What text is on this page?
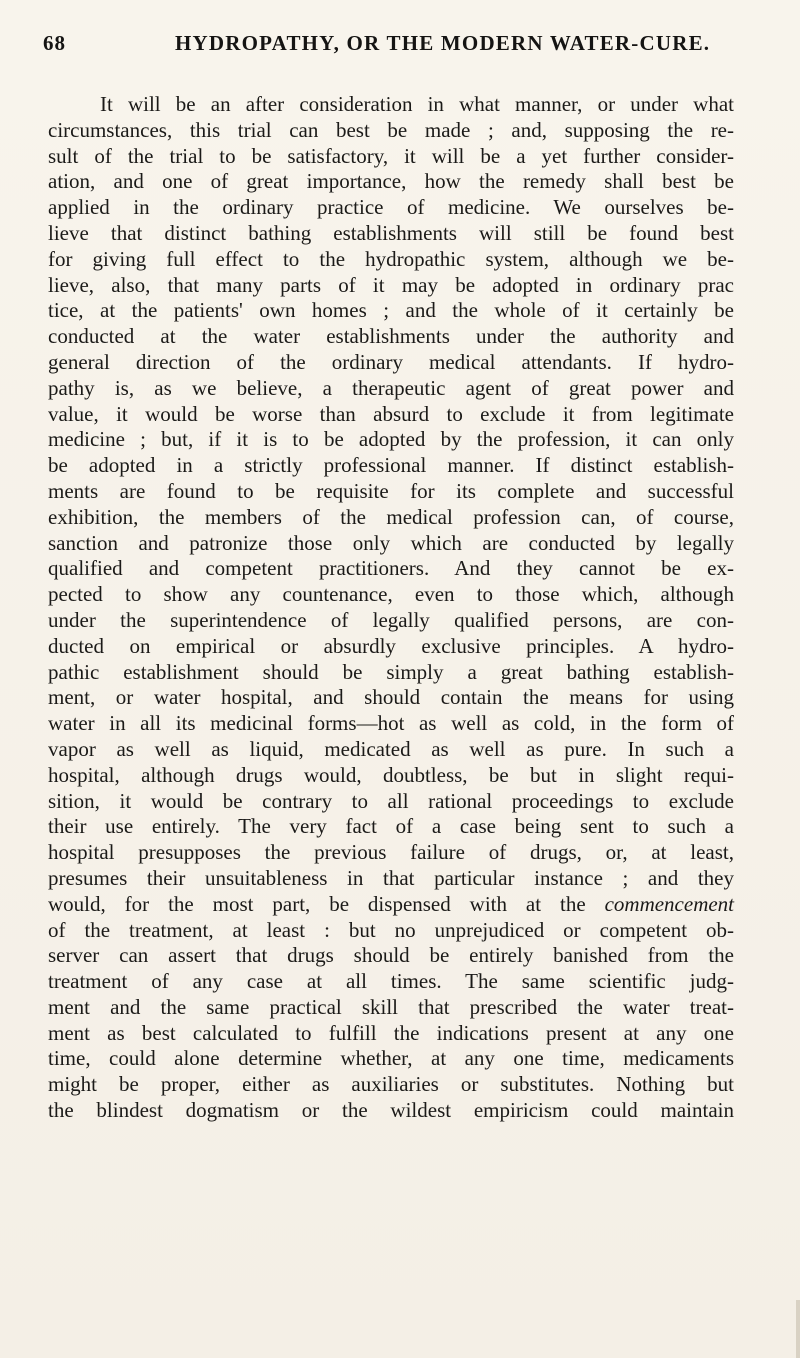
68	HYDROPATHY, OR THE MODERN WATER-CURE.
It will be an after consideration in what manner, or under what
circumstances, this trial can best be made ; and, supposing the re-
sult of the trial to be satisfactory, it will be a yet further consider-
ation, and one of great importance, how the remedy shall best be
applied in the ordinary practice of medicine. We ourselves be-
lieve that distinct bathing establishments will still be found best
for giving full effect to the hydropathic system, although we be-
lieve, also, that many parts of it may be adopted in ordinary prac
tice, at the patients' own homes ; and the whole of it certainly be
conducted at the water establishments under the authority and
general direction of the ordinary medical attendants. If hydro-
pathy is, as we believe, a therapeutic agent of great power and
value, it would be worse than absurd to exclude it from legitimate
medicine ; but, if it is to be adopted by the profession, it can only
be adopted in a strictly professional manner. If distinct establish-
ments are found to be requisite for its complete and successful
exhibition, the members of the medical profession can, of course,
sanction and patronize those only which are conducted by legally
qualified and competent practitioners. And they cannot be ex-
pected to show any countenance, even to those which, although
under the superintendence of legally qualified persons, are con-
ducted on empirical or absurdly exclusive principles. A hydro-
pathic establishment should be simply a great bathing establish-
ment, or water hospital, and should contain the means for using
water in all its medicinal forms—hot as well as cold, in the form of
vapor as well as liquid, medicated as well as pure. In such a
hospital, although drugs would, doubtless, be but in slight requi-
sition, it would be contrary to all rational proceedings to exclude
their use entirely. The very fact of a case being sent to such a
hospital presupposes the previous failure of drugs, or, at least,
presumes their unsuitableness in that particular instance ; and they
would, for the most part, be dispensed with at the commencement
of the treatment, at least : but no unprejudiced or competent ob-
server can assert that drugs should be entirely banished from the
treatment of any case at all times. The same scientific judg-
ment and the same practical skill that prescribed the water treat-
ment as best calculated to fulfill the indications present at any one
time, could alone determine whether, at any one time, medicaments
might be proper, either as auxiliaries or substitutes. Nothing but
the blindest dogmatism or the wildest empiricism could maintain
